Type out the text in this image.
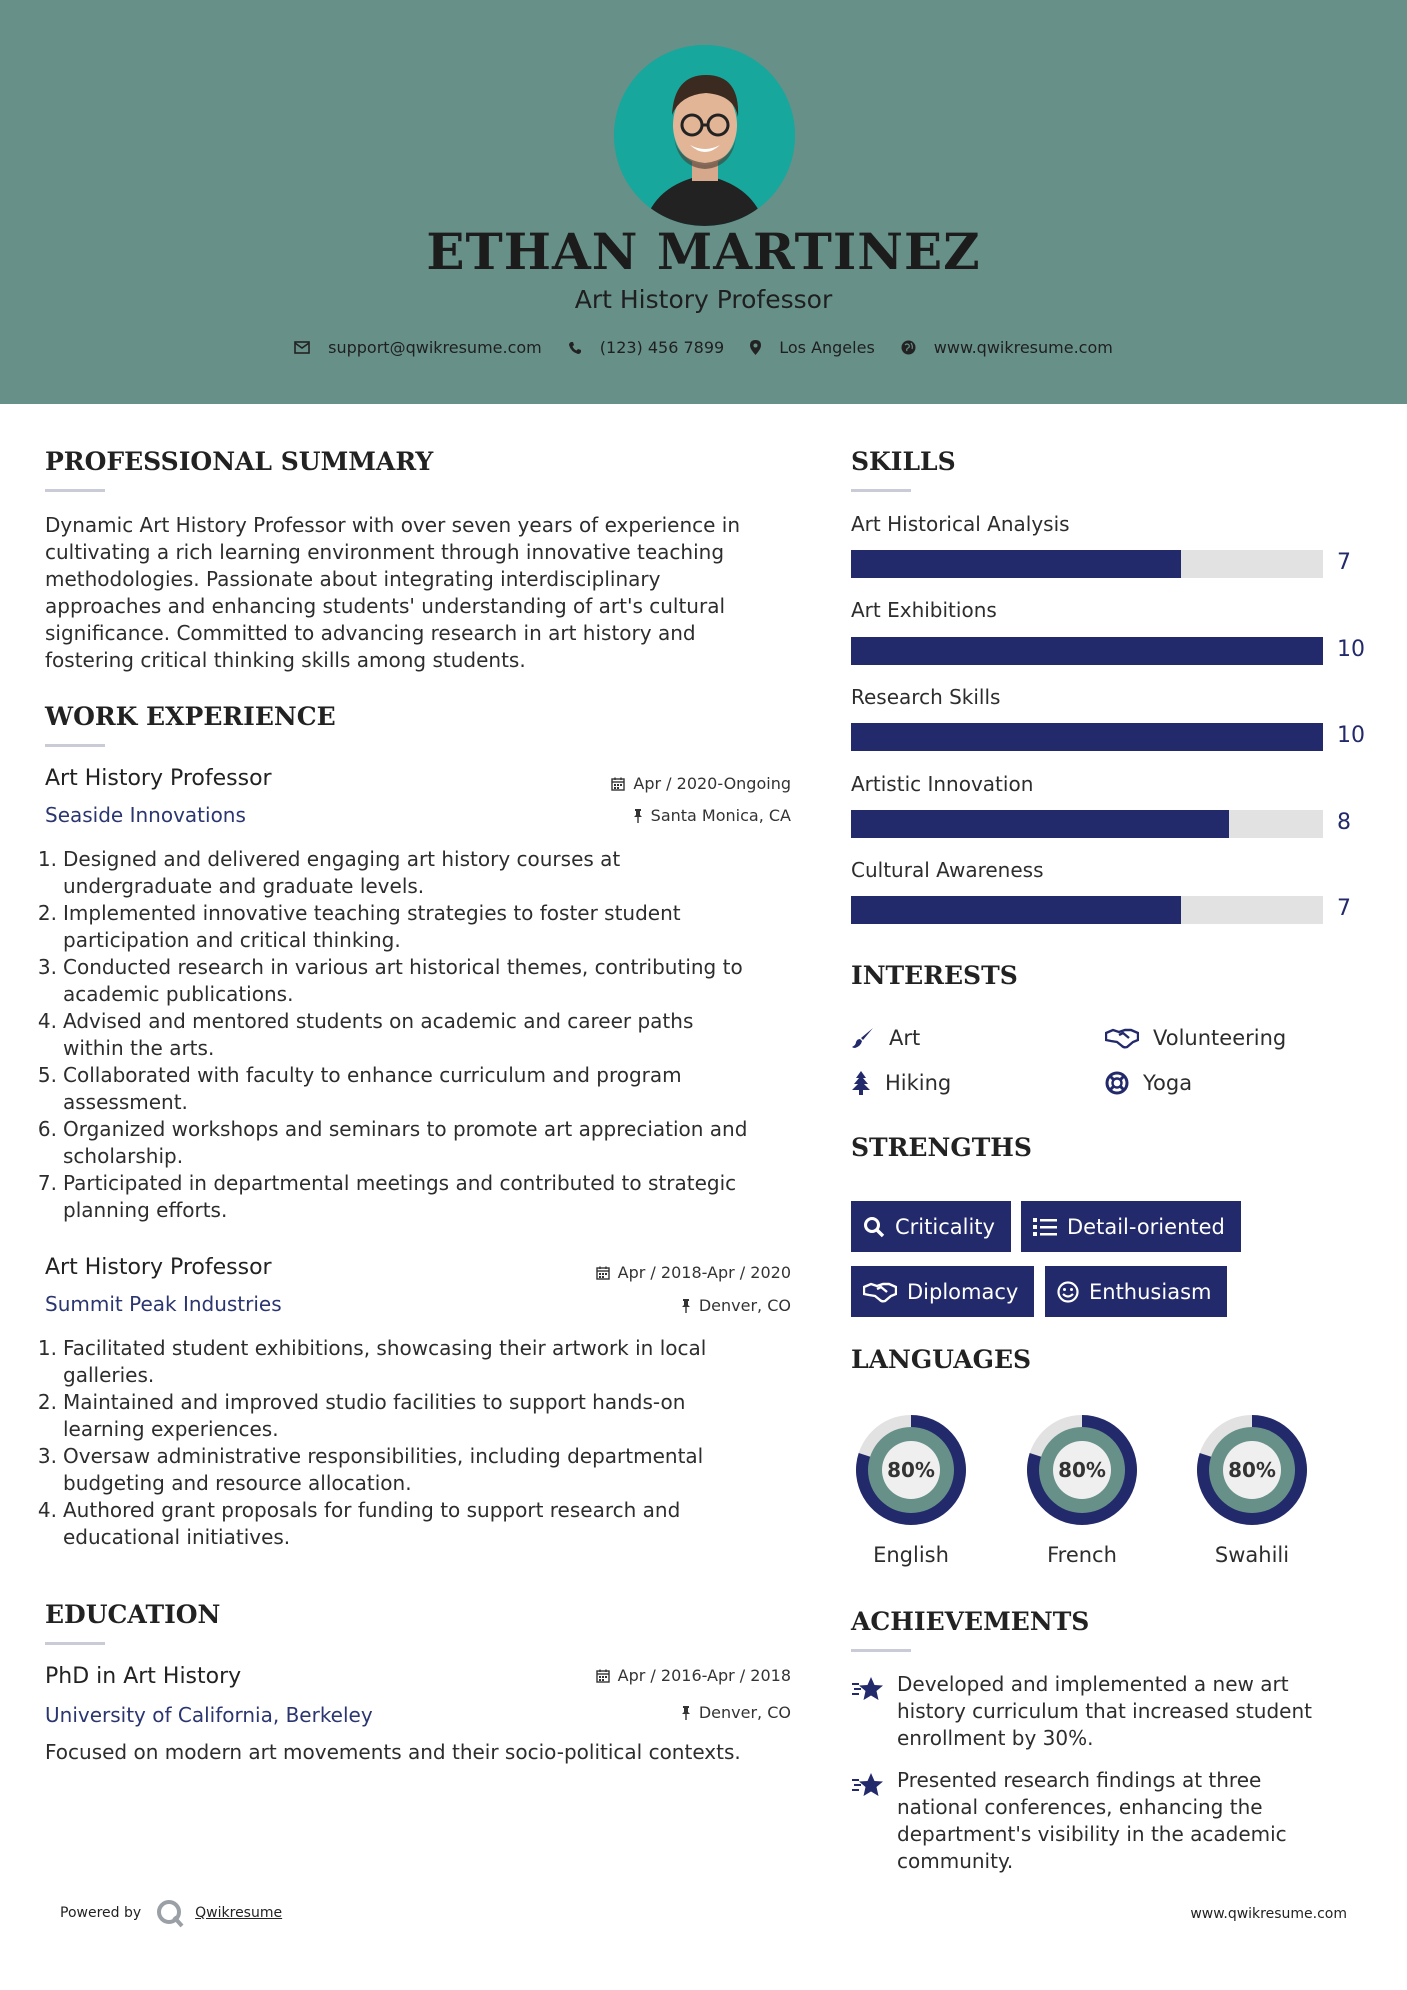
ETHAN MARTINEZ
Art History Professor
support@qwikresume.com	(123) 456 7899	Los Angeles	www.qwikresume.com
PROFESSIONAL SUMMARY
Dynamic Art History Professor with over seven years of experience in
cultivating a rich learning environment through innovative teaching
methodologies. Passionate about integrating interdisciplinary
approaches and enhancing students' understanding of art's cultural
significance. Committed to advancing research in art history and
fostering critical thinking skills among students.
WORK EXPERIENCE
Art History Professor	Apr / 2020-Ongoing
Seaside Innovations	Santa Monica, CA
1. Designed and delivered engaging art history courses at
undergraduate and graduate levels.
2. Implemented innovative teaching strategies to foster student
participation and critical thinking.
3. Conducted research in various art historical themes, contributing to
academic publications.
4. Advised and mentored students on academic and career paths
within the arts.
5. Collaborated with faculty to enhance curriculum and program
assessment.
6. Organized workshops and seminars to promote art appreciation and
scholarship.
7. Participated in departmental meetings and contributed to strategic
planning efforts.
Art History Professor	Apr / 2018-Apr / 2020
Summit Peak Industries	Denver, CO
1. Facilitated student exhibitions, showcasing their artwork in local
galleries.
2. Maintained and improved studio facilities to support hands-on
learning experiences.
3. Oversaw administrative responsibilities, including departmental
budgeting and resource allocation.
4. Authored grant proposals for funding to support research and
educational initiatives.
EDUCATION
PhD in Art History	Apr / 2016-Apr / 2018
University of California, Berkeley	Denver, CO
Focused on modern art movements and their socio-political contexts.
SKILLS
Art Historical Analysis
7
Art Exhibitions
10
Research Skills
10
Artistic Innovation
8
Cultural Awareness
7
INTERESTS
Art	Volunteering
Hiking	Yoga
STRENGTHS
Criticality	Detail-oriented
Diplomacy	Enthusiasm
LANGUAGES
80%
English
80%
French
80%
Swahili
ACHIEVEMENTS
Developed and implemented a new art
history curriculum that increased student
enrollment by 30%.
Presented research findings at three
national conferences, enhancing the
department's visibility in the academic
community.
Powered by	Qwikresume	www.qwikresume.com
